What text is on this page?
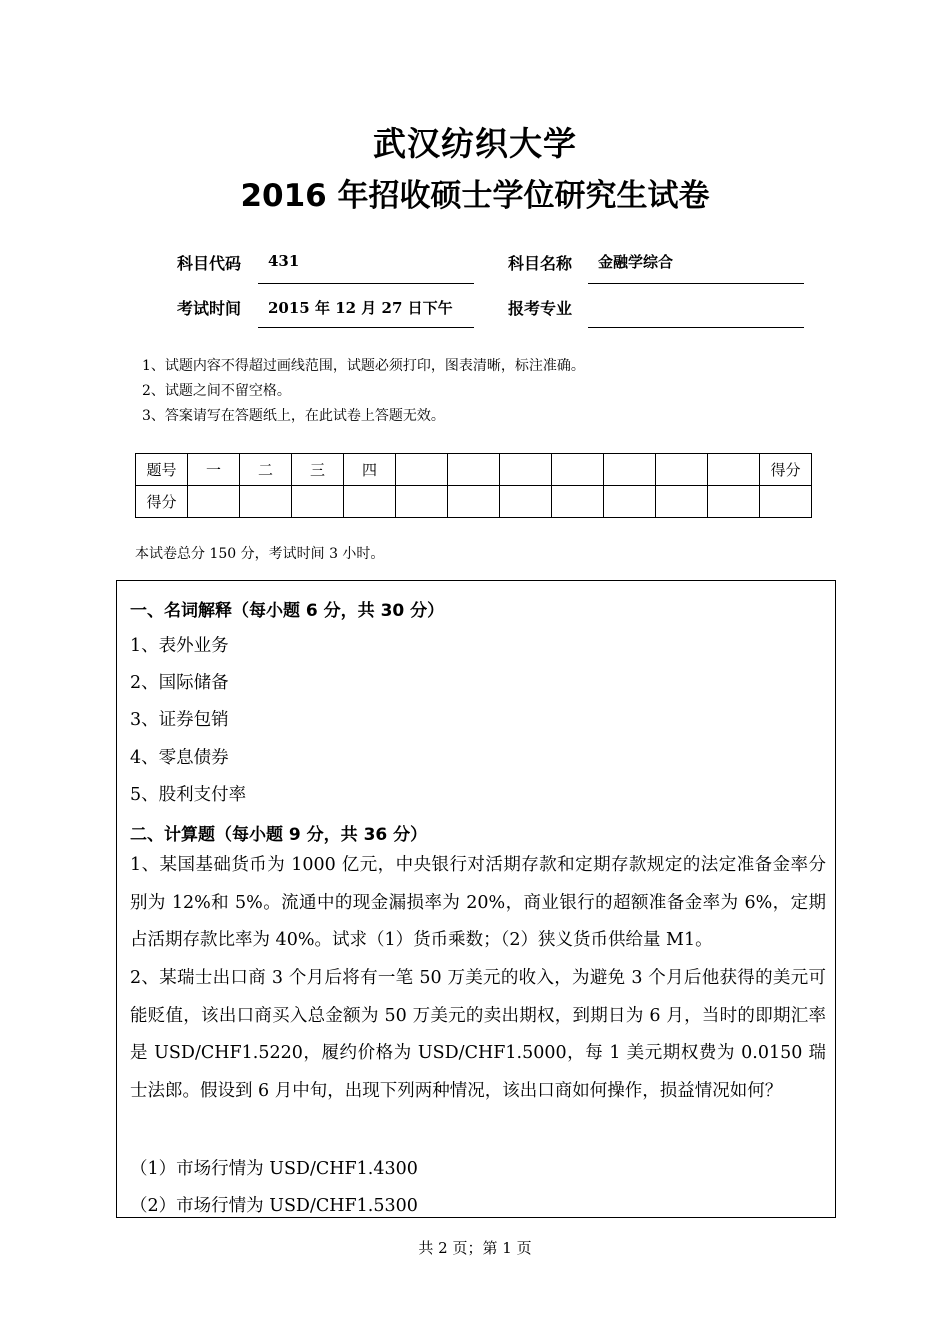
武汉纺织大学
2016 年招收硕士学位研究生试卷
科目代码 431	科目名称 金融学综合
考试时间 2015 年 12 月 27 日下午	报考专业
1、试题内容不得超过画线范围，试题必须打印，图表清晰，标注准确。
2、试题之间不留空格。
3、答案请写在答题纸上，在此试卷上答题无效。
题号	一	二	三	四								得分
得分												
本试卷总分 150 分，考试时间 3 小时。
一、名词解释（每小题 6 分，共 30 分）
1、表外业务
2、国际储备
3、证券包销
4、零息债券
5、股利支付率
二、计算题（每小题 9 分，共 36 分）
1、某国基础货币为 1000 亿元，中央银行对活期存款和定期存款规定的法定准备金率分别为 12%和 5%。流通中的现金漏损率为 20%，商业银行的超额准备金率为 6%，定期占活期存款比率为 40%。试求（1）货币乘数；（2）狭义货币供给量 M1。
2、某瑞士出口商 3 个月后将有一笔 50 万美元的收入，为避免 3 个月后他获得的美元可能贬值，该出口商买入总金额为 50 万美元的卖出期权，到期日为 6 月，当时的即期汇率是 USD/CHF1.5220，履约价格为 USD/CHF1.5000，每 1 美元期权费为 0.0150 瑞士法郎。假设到 6 月中旬，出现下列两种情况，该出口商如何操作，损益情况如何？
（1）市场行情为 USD/CHF1.4300
（2）市场行情为 USD/CHF1.5300
共 2 页；第 1 页
